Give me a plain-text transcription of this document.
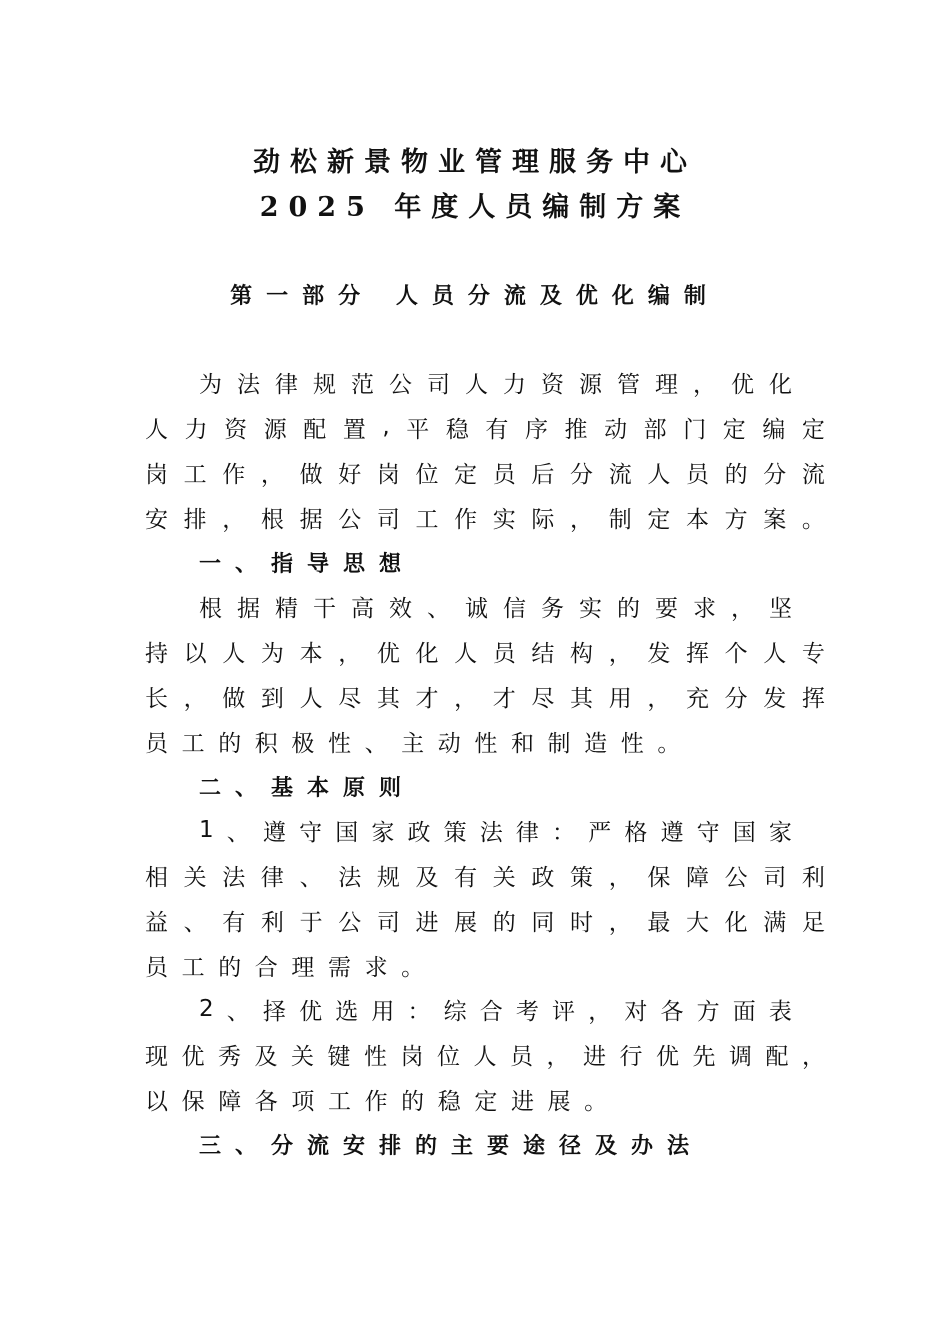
劲松新景物业管理服务中心
2025 年度人员编制方案
第一部分 人员分流及优化编制
为 法 律 规 范 公 司 人 力 资 源 管 理 ， 优 化
人 力 资 源 配 置 , 平 稳 有 序 推 动 部 门 定 编 定
岗 工 作 ， 做 好 岗 位 定 员 后 分 流 人 员 的 分 流
安 排 ， 根 据 公 司 工 作 实 际 ， 制 定 本 方 案 。
一、指导思想
根 据 精 干 高 效 、 诚 信 务 实 的 要 求 ， 坚
持 以 人 为 本 ， 优 化 人 员 结 构 ， 发 挥 个 人 专
长 ， 做 到 人 尽 其 才 ， 才 尽 其 用 ， 充 分 发 挥
员 工 的 积 极 性 、 主 动 性 和 制 造 性 。
二、基本原则
1 、 遵 守 国 家 政 策 法 律 ： 严 格 遵 守 国 家
相 关 法 律 、 法 规 及 有 关 政 策 ， 保 障 公 司 利
益 、 有 利 于 公 司 进 展 的 同 时 ， 最 大 化 满 足
员 工 的 合 理 需 求 。
2 、 择 优 选 用 ： 综 合 考 评 ， 对 各 方 面 表
现 优 秀 及 关 键 性 岗 位 人 员 ， 进 行 优 先 调 配 ，
以 保 障 各 项 工 作 的 稳 定 进 展 。
三、分流安排的主要途径及办法
